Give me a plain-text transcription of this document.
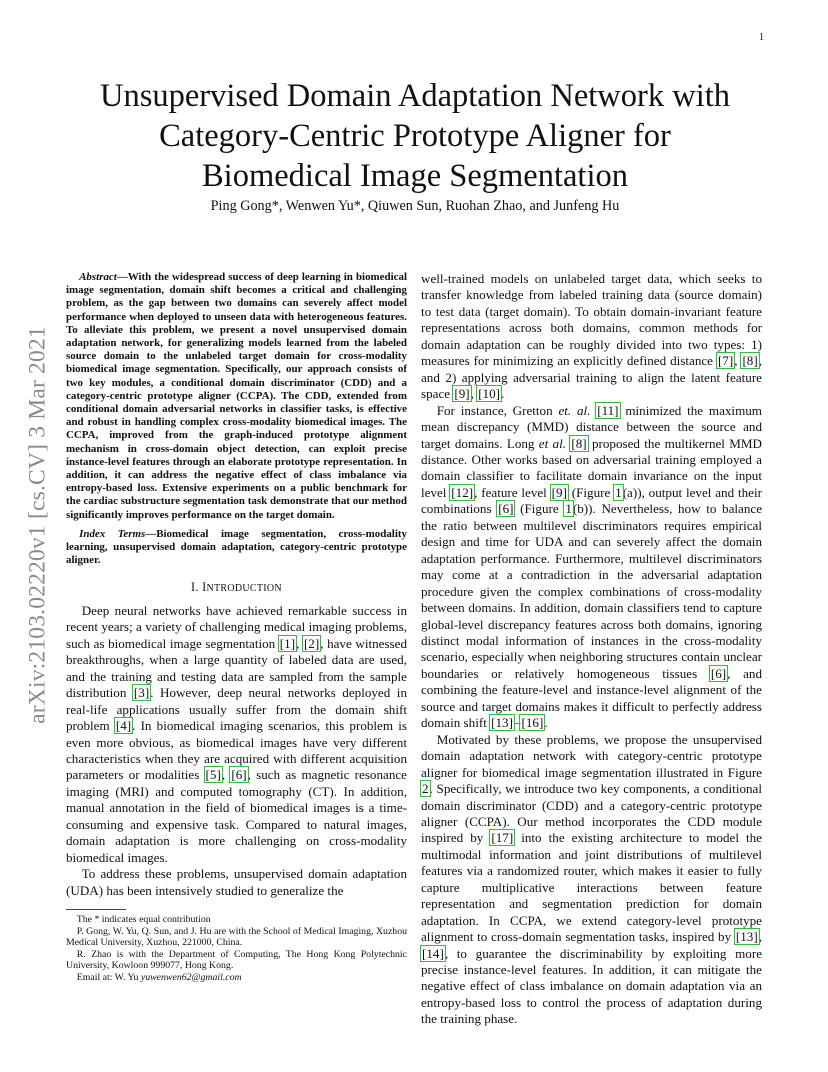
1
arXiv:2103.02220v1 [cs.CV] 3 Mar 2021
Unsupervised Domain Adaptation Network with
Category-Centric Prototype Aligner for
Biomedical Image Segmentation
Ping Gong*, Wenwen Yu*, Qiuwen Sun, Ruohan Zhao, and Junfeng Hu

Abstract—With the widespread success of deep learning in biomedical image segmentation, domain shift becomes a critical and challenging problem, as the gap between two domains can severely affect model performance when deployed to unseen data with heterogeneous features. To alleviate this problem, we present a novel unsupervised domain adaptation network, for generalizing models learned from the labeled source domain to the unlabeled target domain for cross-modality biomedical image segmentation. Specifically, our approach consists of two key modules, a conditional domain discriminator (CDD) and a category-centric prototype aligner (CCPA). The CDD, extended from conditional domain adversarial networks in classifier tasks, is effective and robust in handling complex cross-modality biomedical images. The CCPA, improved from the graph-induced prototype alignment mechanism in cross-domain object detection, can exploit precise instance-level features through an elaborate prototype representation. In addition, it can address the negative effect of class imbalance via entropy-based loss. Extensive experiments on a public benchmark for the cardiac substructure segmentation task demonstrate that our method significantly improves performance on the target domain.

Index Terms—Biomedical image segmentation, cross-modality learning, unsupervised domain adaptation, category-centric prototype aligner.

I. INTRODUCTION

Deep neural networks have achieved remarkable success in recent years; a variety of challenging medical imaging problems, such as biomedical image segmentation [1], [2], have witnessed breakthroughs, when a large quantity of labeled data are used, and the training and testing data are sampled from the sample distribution [3]. However, deep neural networks deployed in real-life applications usually suffer from the domain shift problem [4]. In biomedical imaging scenarios, this problem is even more obvious, as biomedical images have very different characteristics when they are acquired with different acquisition parameters or modalities [5], [6], such as magnetic resonance imaging (MRI) and computed tomography (CT). In addition, manual annotation in the field of biomedical images is a time-consuming and expensive task. Compared to natural images, domain adaptation is more challenging on cross-modality biomedical images.

To address these problems, unsupervised domain adaptation (UDA) has been intensively studied to generalize the

The * indicates equal contribution

P. Gong, W. Yu, Q. Sun, and J. Hu are with the School of Medical Imaging, Xuzhou Medical University, Xuzhou, 221000, China.

R. Zhao is with the Department of Computing, The Hong Kong Polytechnic University, Kowloon 999077, Hong Kong.

Email at: W. Yu yuwenwen62@gmail.com

well-trained models on unlabeled target data, which seeks to transfer knowledge from labeled training data (source domain) to test data (target domain). To obtain domain-invariant feature representations across both domains, common methods for domain adaptation can be roughly divided into two types: 1) measures for minimizing an explicitly defined distance [7], [8], and 2) applying adversarial training to align the latent feature space [9], [10].

For instance, Gretton et. al. [11] minimized the maximum mean discrepancy (MMD) distance between the source and target domains. Long et al. [8] proposed the multikernel MMD distance. Other works based on adversarial training employed a domain classifier to facilitate domain invariance on the input level [12], feature level [9] (Figure 1(a)), output level and their combinations [6] (Figure 1(b)). Nevertheless, how to balance the ratio between multilevel discriminators requires empirical design and time for UDA and can severely affect the domain adaptation performance. Furthermore, multilevel discriminators may come at a contradiction in the adversarial adaptation procedure given the complex combinations of cross-modality between domains. In addition, domain classifiers tend to capture global-level discrepancy features across both domains, ignoring distinct modal information of instances in the cross-modality scenario, especially when neighboring structures contain unclear boundaries or relatively homogeneous tissues [6], and combining the feature-level and instance-level alignment of the source and target domains makes it difficult to perfectly address domain shift [13]–[16].

Motivated by these problems, we propose the unsupervised domain adaptation network with category-centric prototype aligner for biomedical image segmentation illustrated in Figure 2. Specifically, we introduce two key components, a conditional domain discriminator (CDD) and a category-centric prototype aligner (CCPA). Our method incorporates the CDD module inspired by [17] into the existing architecture to model the multimodal information and joint distributions of multilevel features via a randomized router, which makes it easier to fully capture multiplicative interactions between feature representation and segmentation prediction for domain adaptation. In CCPA, we extend category-level prototype alignment to cross-domain segmentation tasks, inspired by [13], [14], to guarantee the discriminability by exploiting more precise instance-level features. In addition, it can mitigate the negative effect of class imbalance on domain adaptation via an entropy-based loss to control the process of adaptation during the training phase.
